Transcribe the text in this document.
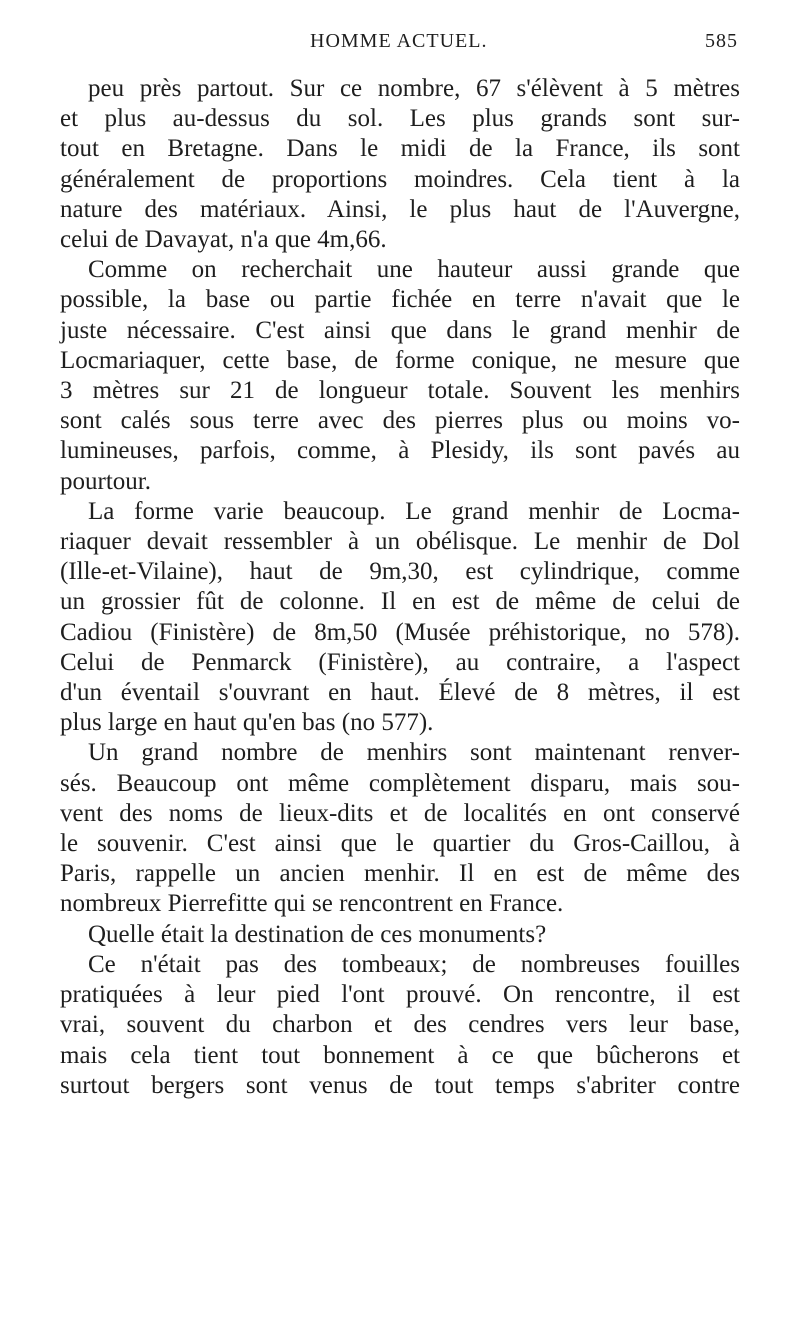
HOMME ACTUEL.	585
peu près partout. Sur ce nombre, 67 s'élèvent à 5 mètres
et plus au-dessus du sol. Les plus grands sont sur-
tout en Bretagne. Dans le midi de la France, ils sont
généralement de proportions moindres. Cela tient à la
nature des matériaux. Ainsi, le plus haut de l'Auvergne,
celui de Davayat, n'a que 4m,66.
Comme on recherchait une hauteur aussi grande que
possible, la base ou partie fichée en terre n'avait que le
juste nécessaire. C'est ainsi que dans le grand menhir de
Locmariaquer, cette base, de forme conique, ne mesure que
3 mètres sur 21 de longueur totale. Souvent les menhirs
sont calés sous terre avec des pierres plus ou moins vo-
lumineuses, parfois, comme, à Plesidy, ils sont pavés au
pourtour.
La forme varie beaucoup. Le grand menhir de Locma-
riaquer devait ressembler à un obélisque. Le menhir de Dol
(Ille-et-Vilaine), haut de 9m,30, est cylindrique, comme
un grossier fût de colonne. Il en est de même de celui de
Cadiou (Finistère) de 8m,50 (Musée préhistorique, no 578).
Celui de Penmarck (Finistère), au contraire, a l'aspect
d'un éventail s'ouvrant en haut. Élevé de 8 mètres, il est
plus large en haut qu'en bas (no 577).
Un grand nombre de menhirs sont maintenant renver-
sés. Beaucoup ont même complètement disparu, mais sou-
vent des noms de lieux-dits et de localités en ont conservé
le souvenir. C'est ainsi que le quartier du Gros-Caillou, à
Paris, rappelle un ancien menhir. Il en est de même des
nombreux Pierrefitte qui se rencontrent en France.
Quelle était la destination de ces monuments?
Ce n'était pas des tombeaux; de nombreuses fouilles
pratiquées à leur pied l'ont prouvé. On rencontre, il est
vrai, souvent du charbon et des cendres vers leur base,
mais cela tient tout bonnement à ce que bûcherons et
surtout bergers sont venus de tout temps s'abriter contre
